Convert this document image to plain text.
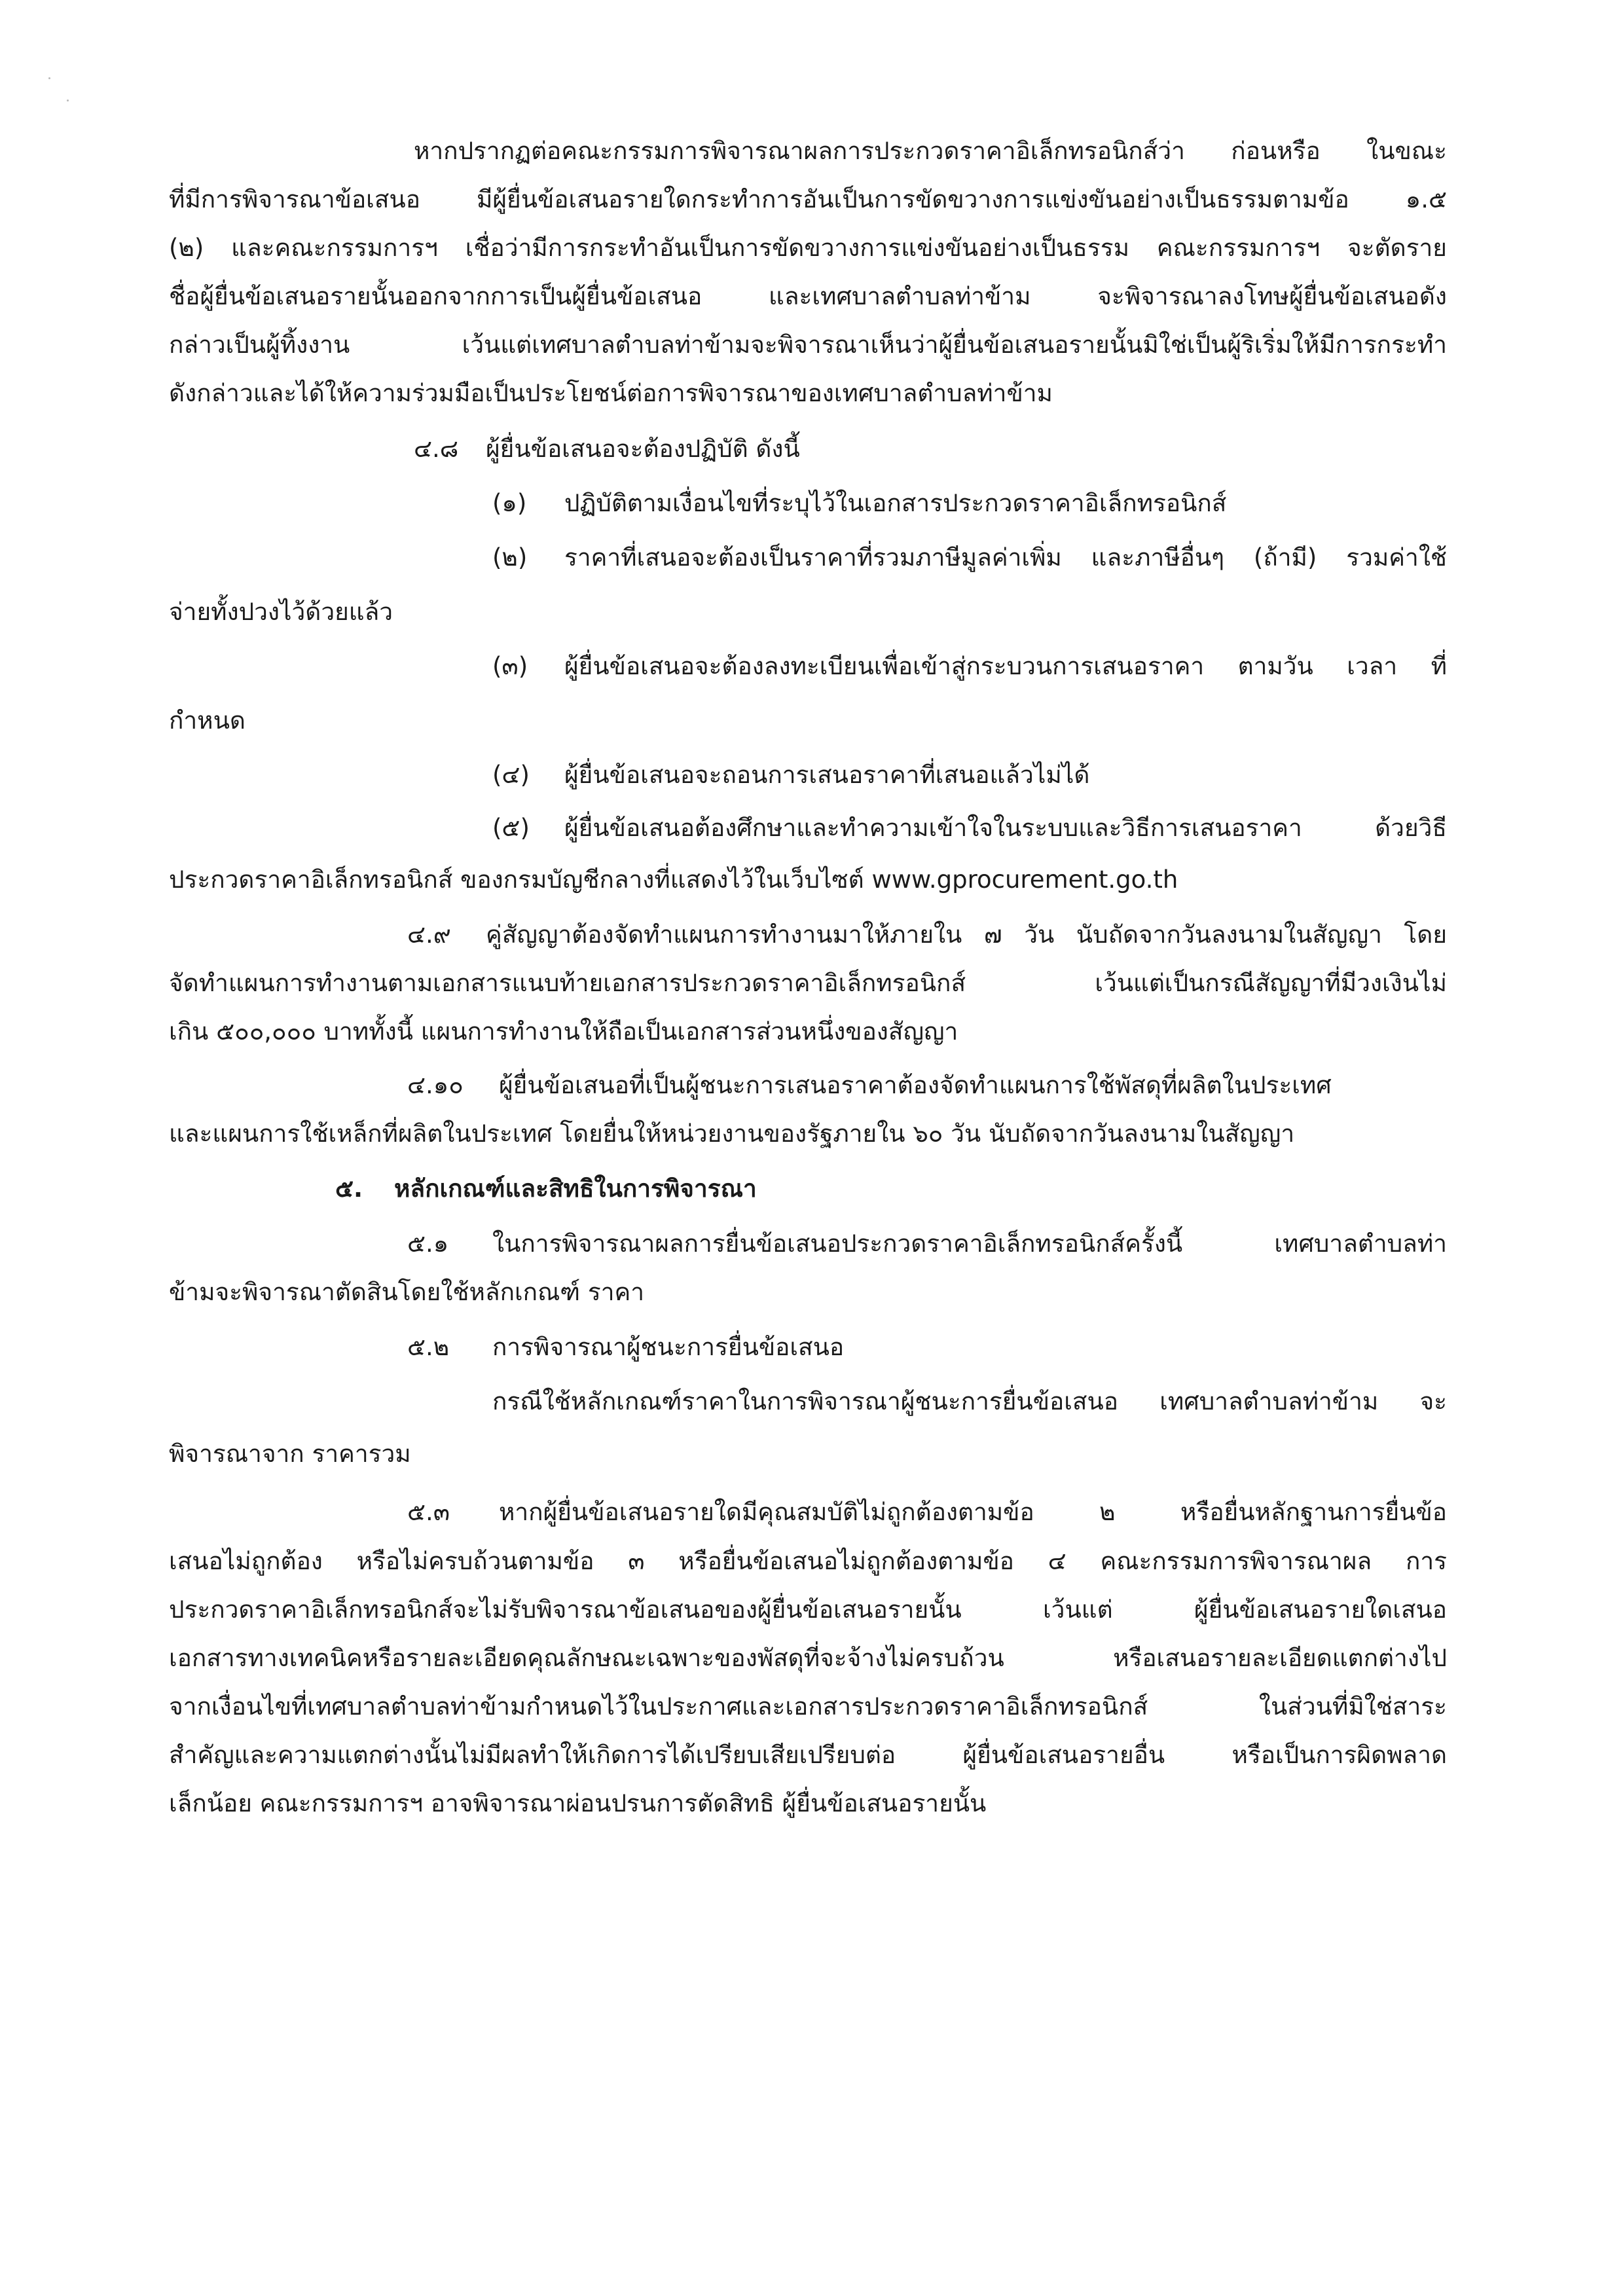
หากปรากฏต่อคณะกรรมการพิจารณาผลการประกวดราคาอิเล็กทรอนิกส์ว่า ก่อนหรือ ในขณะ
ที่มีการพิจารณาข้อเสนอ มีผู้ยื่นข้อเสนอรายใดกระทำการอันเป็นการขัดขวางการแข่งขันอย่างเป็นธรรมตามข้อ ๑.๕
(๒) และคณะกรรมการฯ เชื่อว่ามีการกระทำอันเป็นการขัดขวางการแข่งขันอย่างเป็นธรรม คณะกรรมการฯ จะตัดราย
ชื่อผู้ยื่นข้อเสนอรายนั้นออกจากการเป็นผู้ยื่นข้อเสนอ และเทศบาลตำบลท่าข้าม จะพิจารณาลงโทษผู้ยื่นข้อเสนอดัง
กล่าวเป็นผู้ทิ้งงาน เว้นแต่เทศบาลตำบลท่าข้ามจะพิจารณาเห็นว่าผู้ยื่นข้อเสนอรายนั้นมิใช่เป็นผู้ริเริ่มให้มีการกระทำ
ดังกล่าวและได้ให้ความร่วมมือเป็นประโยชน์ต่อการพิจารณาของเทศบาลตำบลท่าข้าม
๔.๘ ผู้ยื่นข้อเสนอจะต้องปฏิบัติ ดังนี้
(๑) ปฏิบัติตามเงื่อนไขที่ระบุไว้ในเอกสารประกวดราคาอิเล็กทรอนิกส์
(๒) ราคาที่เสนอจะต้องเป็นราคาที่รวมภาษีมูลค่าเพิ่ม และภาษีอื่นๆ (ถ้ามี) รวมค่าใช้
จ่ายทั้งปวงไว้ด้วยแล้ว
(๓) ผู้ยื่นข้อเสนอจะต้องลงทะเบียนเพื่อเข้าสู่กระบวนการเสนอราคา ตามวัน เวลา ที่
กำหนด
(๔) ผู้ยื่นข้อเสนอจะถอนการเสนอราคาที่เสนอแล้วไม่ได้
(๕) ผู้ยื่นข้อเสนอต้องศึกษาและทำความเข้าใจในระบบและวิธีการเสนอราคา ด้วยวิธี
ประกวดราคาอิเล็กทรอนิกส์ ของกรมบัญชีกลางที่แสดงไว้ในเว็บไซต์ www.gprocurement.go.th
๔.๙ คู่สัญญาต้องจัดทำแผนการทำงานมาให้ภายใน ๗ วัน นับถัดจากวันลงนามในสัญญา โดย
จัดทำแผนการทำงานตามเอกสารแนบท้ายเอกสารประกวดราคาอิเล็กทรอนิกส์ เว้นแต่เป็นกรณีสัญญาที่มีวงเงินไม่
เกิน ๕๐๐,๐๐๐ บาททั้งนี้ แผนการทำงานให้ถือเป็นเอกสารส่วนหนึ่งของสัญญา
๔.๑๐ ผู้ยื่นข้อเสนอที่เป็นผู้ชนะการเสนอราคาต้องจัดทำแผนการใช้พัสดุที่ผลิตในประเทศ
และแผนการใช้เหล็กที่ผลิตในประเทศ โดยยื่นให้หน่วยงานของรัฐภายใน ๖๐ วัน นับถัดจากวันลงนามในสัญญา
๕. หลักเกณฑ์และสิทธิในการพิจารณา
๕.๑ ในการพิจารณาผลการยื่นข้อเสนอประกวดราคาอิเล็กทรอนิกส์ครั้งนี้ เทศบาลตำบลท่า
ข้ามจะพิจารณาตัดสินโดยใช้หลักเกณฑ์ ราคา
๕.๒ การพิจารณาผู้ชนะการยื่นข้อเสนอ
กรณีใช้หลักเกณฑ์ราคาในการพิจารณาผู้ชนะการยื่นข้อเสนอ เทศบาลตำบลท่าข้าม จะ
พิจารณาจาก ราคารวม
๕.๓ หากผู้ยื่นข้อเสนอรายใดมีคุณสมบัติไม่ถูกต้องตามข้อ ๒ หรือยื่นหลักฐานการยื่นข้อ
เสนอไม่ถูกต้อง หรือไม่ครบถ้วนตามข้อ ๓ หรือยื่นข้อเสนอไม่ถูกต้องตามข้อ ๔ คณะกรรมการพิจารณาผล การ
ประกวดราคาอิเล็กทรอนิกส์จะไม่รับพิจารณาข้อเสนอของผู้ยื่นข้อเสนอรายนั้น เว้นแต่ ผู้ยื่นข้อเสนอรายใดเสนอ
เอกสารทางเทคนิคหรือรายละเอียดคุณลักษณะเฉพาะของพัสดุที่จะจ้างไม่ครบถ้วน หรือเสนอรายละเอียดแตกต่างไป
จากเงื่อนไขที่เทศบาลตำบลท่าข้ามกำหนดไว้ในประกาศและเอกสารประกวดราคาอิเล็กทรอนิกส์ ในส่วนที่มิใช่สาระ
สำคัญและความแตกต่างนั้นไม่มีผลทำให้เกิดการได้เปรียบเสียเปรียบต่อ ผู้ยื่นข้อเสนอรายอื่น หรือเป็นการผิดพลาด
เล็กน้อย คณะกรรมการฯ อาจพิจารณาผ่อนปรนการตัดสิทธิ ผู้ยื่นข้อเสนอรายนั้น
